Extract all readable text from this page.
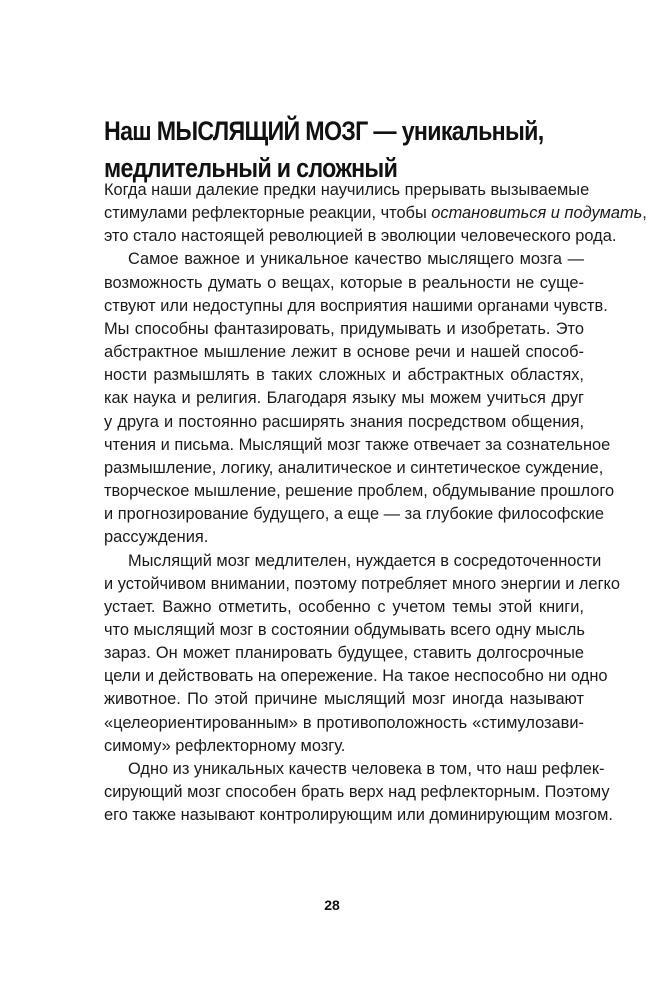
Наш МЫСЛЯЩИЙ МОЗГ — уникальный,
медлительный и сложный

Когда наши далекие предки научились прерывать вызываемые
стимулами рефлекторные реакции, чтобы остановиться и подумать,
это стало настоящей революцией в эволюции человеческого рода.

Самое важное и уникальное качество мыслящего мозга —
возможность думать о вещах, которые в реальности не суще-
ствуют или недоступны для восприятия нашими органами чувств.
Мы способны фантазировать, придумывать и изобретать. Это
абстрактное мышление лежит в основе речи и нашей способ-
ности размышлять в таких сложных и абстрактных областях,
как наука и религия. Благодаря языку мы можем учиться друг
у друга и постоянно расширять знания посредством общения,
чтения и письма. Мыслящий мозг также отвечает за сознательное
размышление, логику, аналитическое и синтетическое суждение,
творческое мышление, решение проблем, обдумывание прошлого
и прогнозирование будущего, а еще — за глубокие философские
рассуждения.

Мыслящий мозг медлителен, нуждается в сосредоточенности
и устойчивом внимании, поэтому потребляет много энергии и легко
устает. Важно отметить, особенно с учетом темы этой книги,
что мыслящий мозг в состоянии обдумывать всего одну мысль
зараз. Он может планировать будущее, ставить долгосрочные
цели и действовать на опережение. На такое неспособно ни одно
животное. По этой причине мыслящий мозг иногда называют
«целеориентированным» в противоположность «стимулозави-
симому» рефлекторному мозгу.

Одно из уникальных качеств человека в том, что наш рефлек-
сирующий мозг способен брать верх над рефлекторным. Поэтому
его также называют контролирующим или доминирующим мозгом.

28
